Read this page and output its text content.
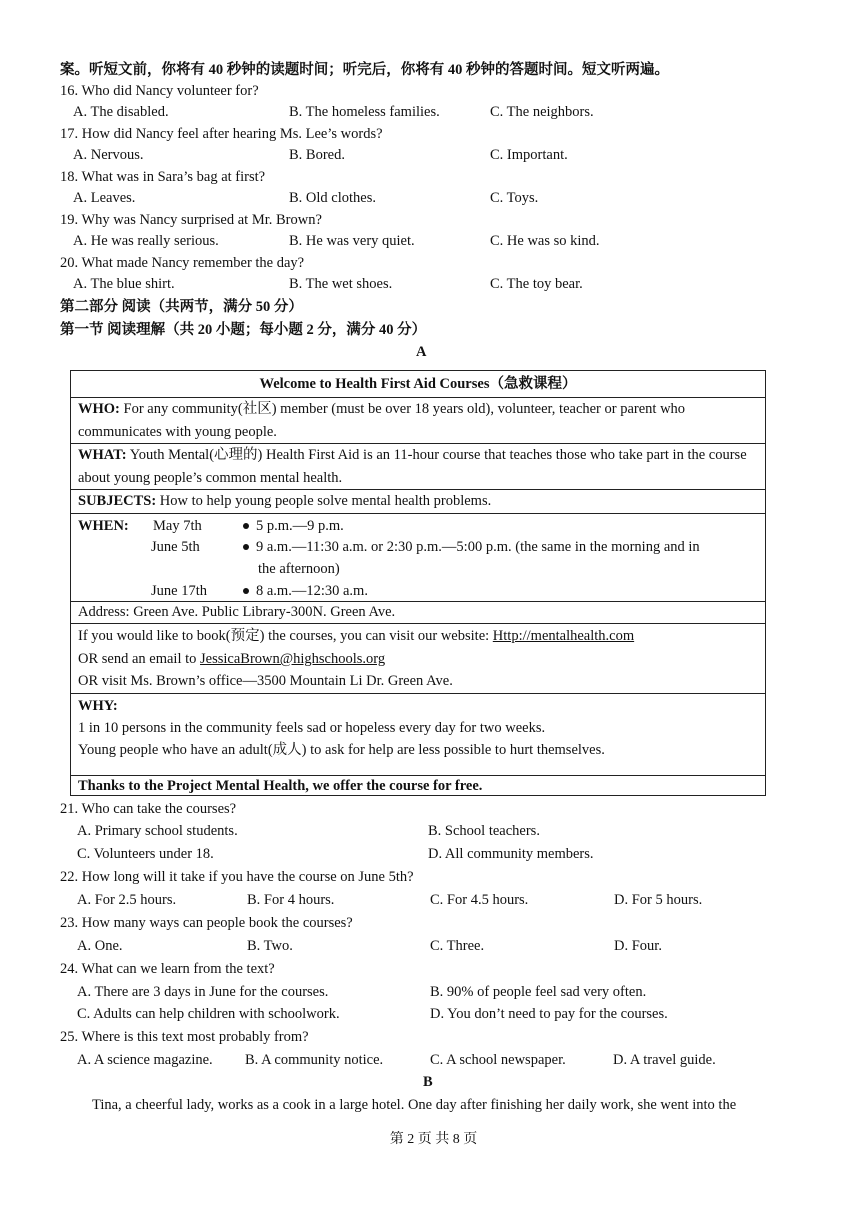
案。听短文前，你将有 40 秒钟的读题时间；听完后，你将有 40 秒钟的答题时间。短文听两遍。
16. Who did Nancy volunteer for?
A. The disabled.	B. The homeless families.	C. The neighbors.
17. How did Nancy feel after hearing Ms. Lee’s words?
A. Nervous.	B. Bored.	C. Important.
18. What was in Sara’s bag at first?
A. Leaves.	B. Old clothes.	C. Toys.
19. Why was Nancy surprised at Mr. Brown?
A. He was really serious.	B. He was very quiet.	C. He was so kind.
20. What made Nancy remember the day?
A. The blue shirt.	B. The wet shoes.	C. The toy bear.
第二部分 阅读（共两节，满分 50 分）
第一节 阅读理解（共 20 小题；每小题 2 分，满分 40 分）
A
Welcome to Health First Aid Courses（急救课程）
WHO: For any community(社区) member (must be over 18 years old), volunteer, teacher or parent who communicates with young people.
WHAT: Youth Mental(心理的) Health First Aid is an 11-hour course that teaches those who take part in the course about young people’s common mental health.
SUBJECTS: How to help young people solve mental health problems.
WHEN: May 7th	5 p.m.—9 p.m.
June 5th	9 a.m.—11:30 a.m. or 2:30 p.m.—5:00 p.m. (the same in the morning and in
the afternoon)
June 17th	8 a.m.—12:30 a.m.
Address: Green Ave. Public Library-300N. Green Ave.
If you would like to book(预定) the courses, you can visit our website: Http://mentalhealth.com
OR send an email to JessicaBrown@highschools.org
OR visit Ms. Brown’s office—3500 Mountain Li Dr. Green Ave.
WHY:
1 in 10 persons in the community feels sad or hopeless every day for two weeks.
Young people who have an adult(成人) to ask for help are less possible to hurt themselves.
Thanks to the Project Mental Health, we offer the course for free.
21. Who can take the courses?
A. Primary school students.	B. School teachers.
C. Volunteers under 18.	D. All community members.
22. How long will it take if you have the course on June 5th?
A. For 2.5 hours.	B. For 4 hours.	C. For 4.5 hours.	D. For 5 hours.
23. How many ways can people book the courses?
A. One.	B. Two.	C. Three.	D. Four.
24. What can we learn from the text?
A. There are 3 days in June for the courses.	B. 90% of people feel sad very often.
C. Adults can help children with schoolwork.	D. You don’t need to pay for the courses.
25. Where is this text most probably from?
A. A science magazine. B. A community notice.	C. A school newspaper.	D. A travel guide.
B
Tina, a cheerful lady, works as a cook in a large hotel. One day after finishing her daily work, she went into the
第 2 页 共 8 页
